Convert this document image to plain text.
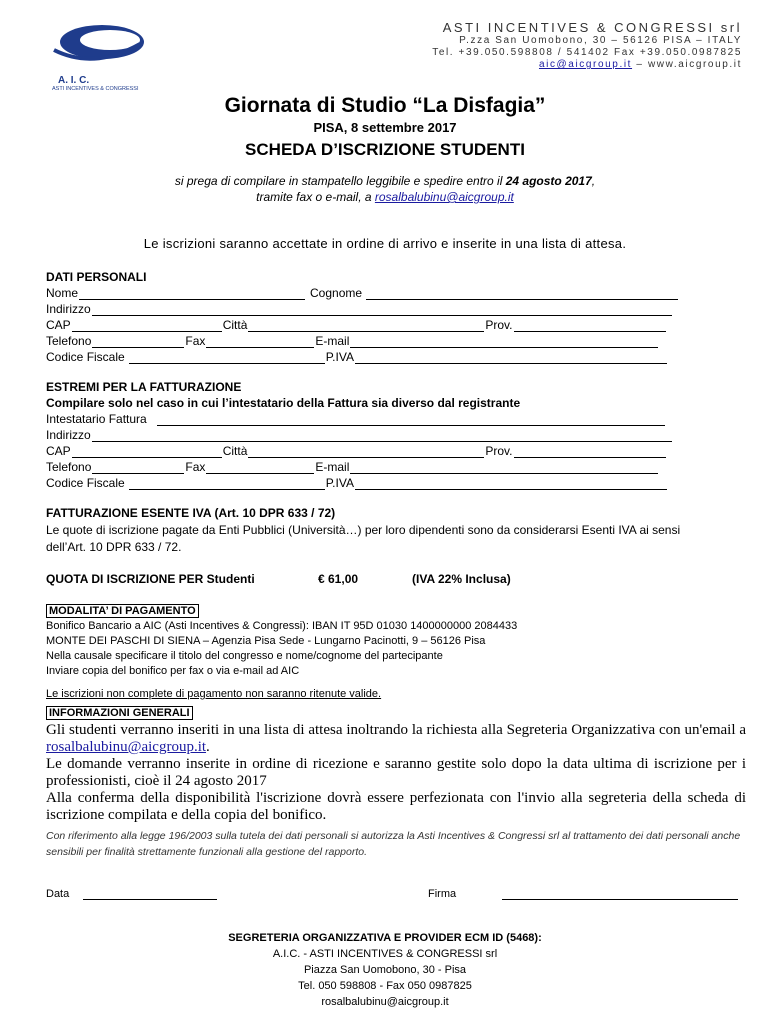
A. I. C.
ASTI INCENTIVES & CONGRESSI
ASTI INCENTIVES & CONGRESSI srl
P.zza San Uomobono, 30 – 56126 PISA – ITALY
Tel. +39.050.598808 / 541402 Fax +39.050.0987825
aic@aicgroup.it – www.aicgroup.it
Giornata di Studio “La Disfagia”
PISA, 8 settembre 2017
SCHEDA D’ISCRIZIONE STUDENTI
si prega di compilare in stampatello leggibile e spedire entro il 24 agosto 2017,
tramite fax o e-mail, a rosalbalubinu@aicgroup.it
Le iscrizioni saranno accettate in ordine di arrivo e inserite in una lista di attesa.
DATI PERSONALI
Nome	Cognome
Indirizzo
CAP	Città	Prov.
Telefono	Fax	E-mail
Codice Fiscale	P.IVA
ESTREMI PER LA FATTURAZIONE
Compilare solo nel caso in cui l’intestatario della Fattura sia diverso dal registrante
Intestatario Fattura
Indirizzo
CAP	Città	Prov.
Telefono	Fax	E-mail
Codice Fiscale	P.IVA
FATTURAZIONE ESENTE IVA (Art. 10 DPR 633 / 72)
Le quote di iscrizione pagate da Enti Pubblici (Università…) per loro dipendenti sono da considerarsi Esenti IVA ai sensi
dell’Art. 10 DPR 633 / 72.
QUOTA DI ISCRIZIONE PER Studenti	€ 61,00	(IVA 22% Inclusa)
MODALITA’ DI PAGAMENTO
Bonifico Bancario a AIC (Asti Incentives & Congressi): IBAN IT 95D 01030 1400000000 2084433
MONTE DEI PASCHI DI SIENA – Agenzia Pisa Sede - Lungarno Pacinotti, 9 – 56126 Pisa
Nella causale specificare il titolo del congresso e nome/cognome del partecipante
Inviare copia del bonifico per fax o via e-mail ad AIC
Le iscrizioni non complete di pagamento non saranno ritenute valide.
INFORMAZIONI GENERALI
Gli studenti verranno inseriti in una lista di attesa inoltrando la richiesta alla Segreteria Organizzativa con un'email a rosalbalubinu@aicgroup.it.
Le domande verranno inserite in ordine di ricezione e saranno gestite solo dopo la data ultima di iscrizione per i professionisti, cioè il 24 agosto 2017
Alla conferma della disponibilità l'iscrizione dovrà essere perfezionata con l'invio alla segreteria della scheda di iscrizione compilata e della copia del bonifico.
Con riferimento alla legge 196/2003 sulla tutela dei dati personali si autorizza la Asti Incentives & Congressi srl al trattamento dei dati personali anche sensibili per finalità strettamente funzionali alla gestione del rapporto.
Data	Firma
SEGRETERIA ORGANIZZATIVA E PROVIDER ECM ID (5468):
A.I.C. - ASTI INCENTIVES & CONGRESSI srl
Piazza San Uomobono, 30 - Pisa
Tel. 050 598808 - Fax 050 0987825
rosalbalubinu@aicgroup.it
